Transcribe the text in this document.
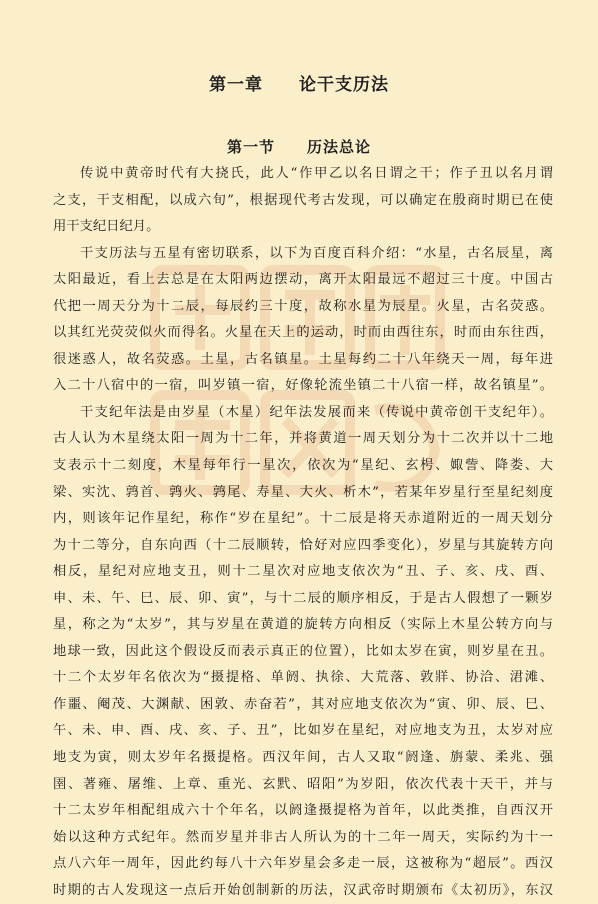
第一章　　论干支历法
第一节　　历法总论
传说中黄帝时代有大挠氏，此人“作甲乙以名日谓之干；作子丑以名月谓
之支，干支相配，以成六旬”，根据现代考古发现，可以确定在殷商时期已在使
用干支纪日纪月。
干支历法与五星有密切联系，以下为百度百科介绍：“水星，古名辰星，离
太阳最近，看上去总是在太阳两边摆动，离开太阳最远不超过三十度。中国古
代把一周天分为十二辰，每辰约三十度，故称水星为辰星。火星，古名荧惑。
以其红光荧荧似火而得名。火星在天上的运动，时而由西往东，时而由东往西，
很迷惑人，故名荧惑。土星，古名镇星。土星每约二十八年绕天一周，每年进
入二十八宿中的一宿，叫岁镇一宿，好像轮流坐镇二十八宿一样，故名镇星”。
干支纪年法是由岁星（木星）纪年法发展而来（传说中黄帝创干支纪年）。
古人认为木星绕太阳一周为十二年，并将黄道一周天划分为十二次并以十二地
支表示十二刻度，木星每年行一星次，依次为“星纪、玄枵、娵訾、降娄、大
梁、实沈、鹑首、鹑火、鹑尾、寿星、大火、析木”，若某年岁星行至星纪刻度
内，则该年记作星纪，称作“岁在星纪”。十二辰是将天赤道附近的一周天划分
为十二等分，自东向西（十二辰顺转，恰好对应四季变化），岁星与其旋转方向
相反，星纪对应地支丑，则十二星次对应地支依次为“丑、子、亥、戌、酉、
申、未、午、巳、辰、卯、寅”，与十二辰的顺序相反，于是古人假想了一颗岁
星，称之为“太岁”，其与岁星在黄道的旋转方向相反（实际上木星公转方向与
地球一致，因此这个假设反而表示真正的位置），比如太岁在寅，则岁星在丑。
十二个太岁年名依次为“摄提格、单阏、执徐、大荒落、敦牂、协洽、涒滩、
作噩、阉茂、大渊献、困敦、赤奋若”，其对应地支依次为“寅、卯、辰、巳、
午、未、申、酉、戌、亥、子、丑”，比如岁在星纪，对应地支为丑，太岁对应
地支为寅，则太岁年名摄提格。西汉年间，古人又取“阏逢、旃蒙、柔兆、强
圉、著雍、屠维、上章、重光、玄黓、昭阳”为岁阳，依次代表十天干，并与
十二太岁年相配组成六十个年名，以阏逢摄提格为首年，以此类推，自西汉开
始以这种方式纪年。然而岁星并非古人所认为的十二年一周天，实际约为十一
点八六年一周年，因此约每八十六年岁星会多走一辰，这被称为“超辰”。西汉
时期的古人发现这一点后开始创制新的历法，汉武帝时期颁布《太初历》，东汉
